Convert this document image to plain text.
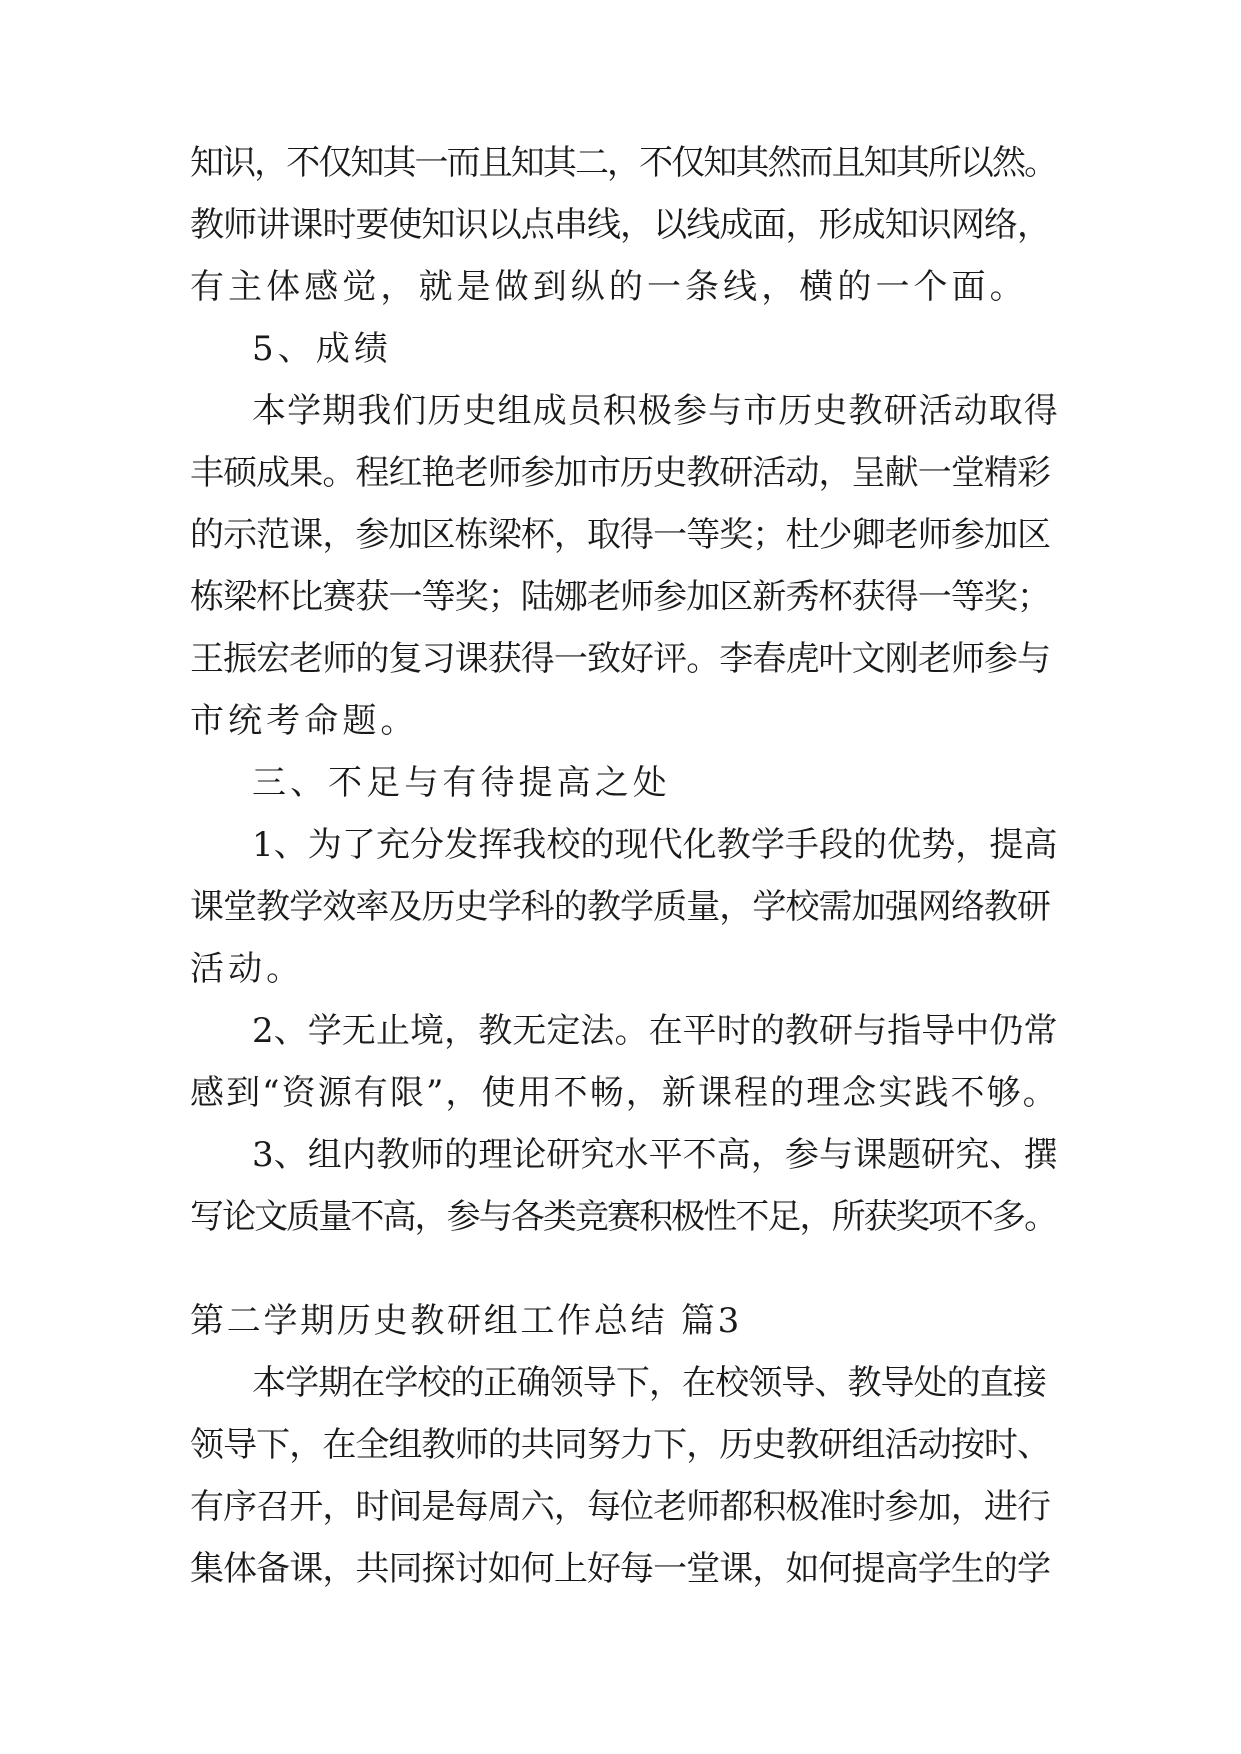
知识，不仅知其一而且知其二，不仅知其然而且知其所以然。
教师讲课时要使知识以点串线，以线成面，形成知识网络，
有主体感觉，就是做到纵的一条线，横的一个面。
5、成绩
本学期我们历史组成员积极参与市历史教研活动取得
丰硕成果。程红艳老师参加市历史教研活动，呈献一堂精彩
的示范课，参加区栋梁杯，取得一等奖；杜少卿老师参加区
栋梁杯比赛获一等奖；陆娜老师参加区新秀杯获得一等奖；
王振宏老师的复习课获得一致好评。李春虎叶文刚老师参与
市统考命题。
三、不足与有待提高之处
1、为了充分发挥我校的现代化教学手段的优势，提高
课堂教学效率及历史学科的教学质量，学校需加强网络教研
活动。
2、学无止境，教无定法。在平时的教研与指导中仍常
感到“资源有限”，使用不畅，新课程的理念实践不够。
3、组内教师的理论研究水平不高，参与课题研究、撰
写论文质量不高，参与各类竞赛积极性不足，所获奖项不多。
第二学期历史教研组工作总结 篇3
本学期在学校的正确领导下，在校领导、教导处的直接
领导下，在全组教师的共同努力下，历史教研组活动按时、
有序召开，时间是每周六，每位老师都积极准时参加，进行
集体备课，共同探讨如何上好每一堂课，如何提高学生的学
